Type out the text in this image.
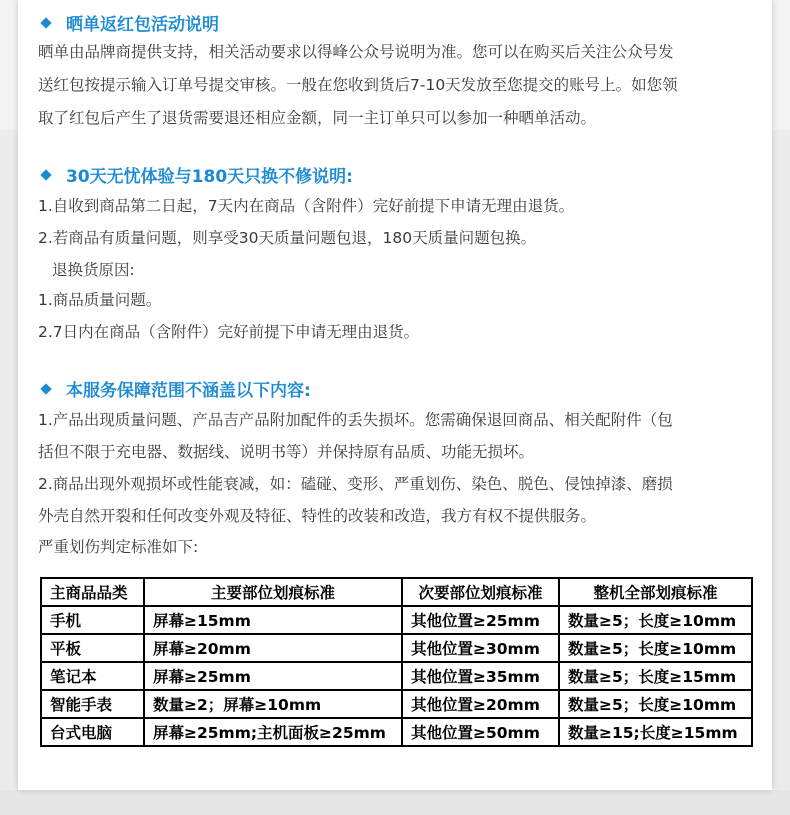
晒单返红包活动说明
晒单由品牌商提供支持，相关活动要求以得峰公众号说明为准。您可以在购买后关注公众号发
送红包按提示输入订单号提交审核。一般在您收到货后7-10天发放至您提交的账号上。如您领
取了红包后产生了退货需要退还相应金额，同一主订单只可以参加一种晒单活动。
30天无忧体验与180天只换不修说明:
1.自收到商品第二日起，7天内在商品（含附件）完好前提下申请无理由退货。
2.若商品有质量问题，则享受30天质量问题包退，180天质量问题包换。
退换货原因:
1.商品质量问题。
2.7日内在商品（含附件）完好前提下申请无理由退货。
本服务保障范围不涵盖以下内容:
1.产品出现质量问题、产品吉产品附加配件的丢失损坏。您需确保退回商品、相关配附件（包
括但不限于充电器、数据线、说明书等）并保持原有品质、功能无损坏。
2.商品出现外观损坏或性能衰减，如：磕碰、变形、严重划伤、染色、脱色、侵蚀掉漆、磨损
外壳自然开裂和任何改变外观及特征、特性的改装和改造，我方有权不提供服务。
严重划伤判定标准如下:
主商品品类	主要部位划痕标准	次要部位划痕标准	整机全部划痕标准
手机	屏幕≥15mm	其他位置≥25mm	数量≥5；长度≥10mm
平板	屏幕≥20mm	其他位置≥30mm	数量≥5；长度≥10mm
笔记本	屏幕≥25mm	其他位置≥35mm	数量≥5；长度≥15mm
智能手表	数量≥2；屏幕≥10mm	其他位置≥20mm	数量≥5；长度≥10mm
台式电脑	屏幕≥25mm;主机面板≥25mm	其他位置≥50mm	数量≥15;长度≥15mm
